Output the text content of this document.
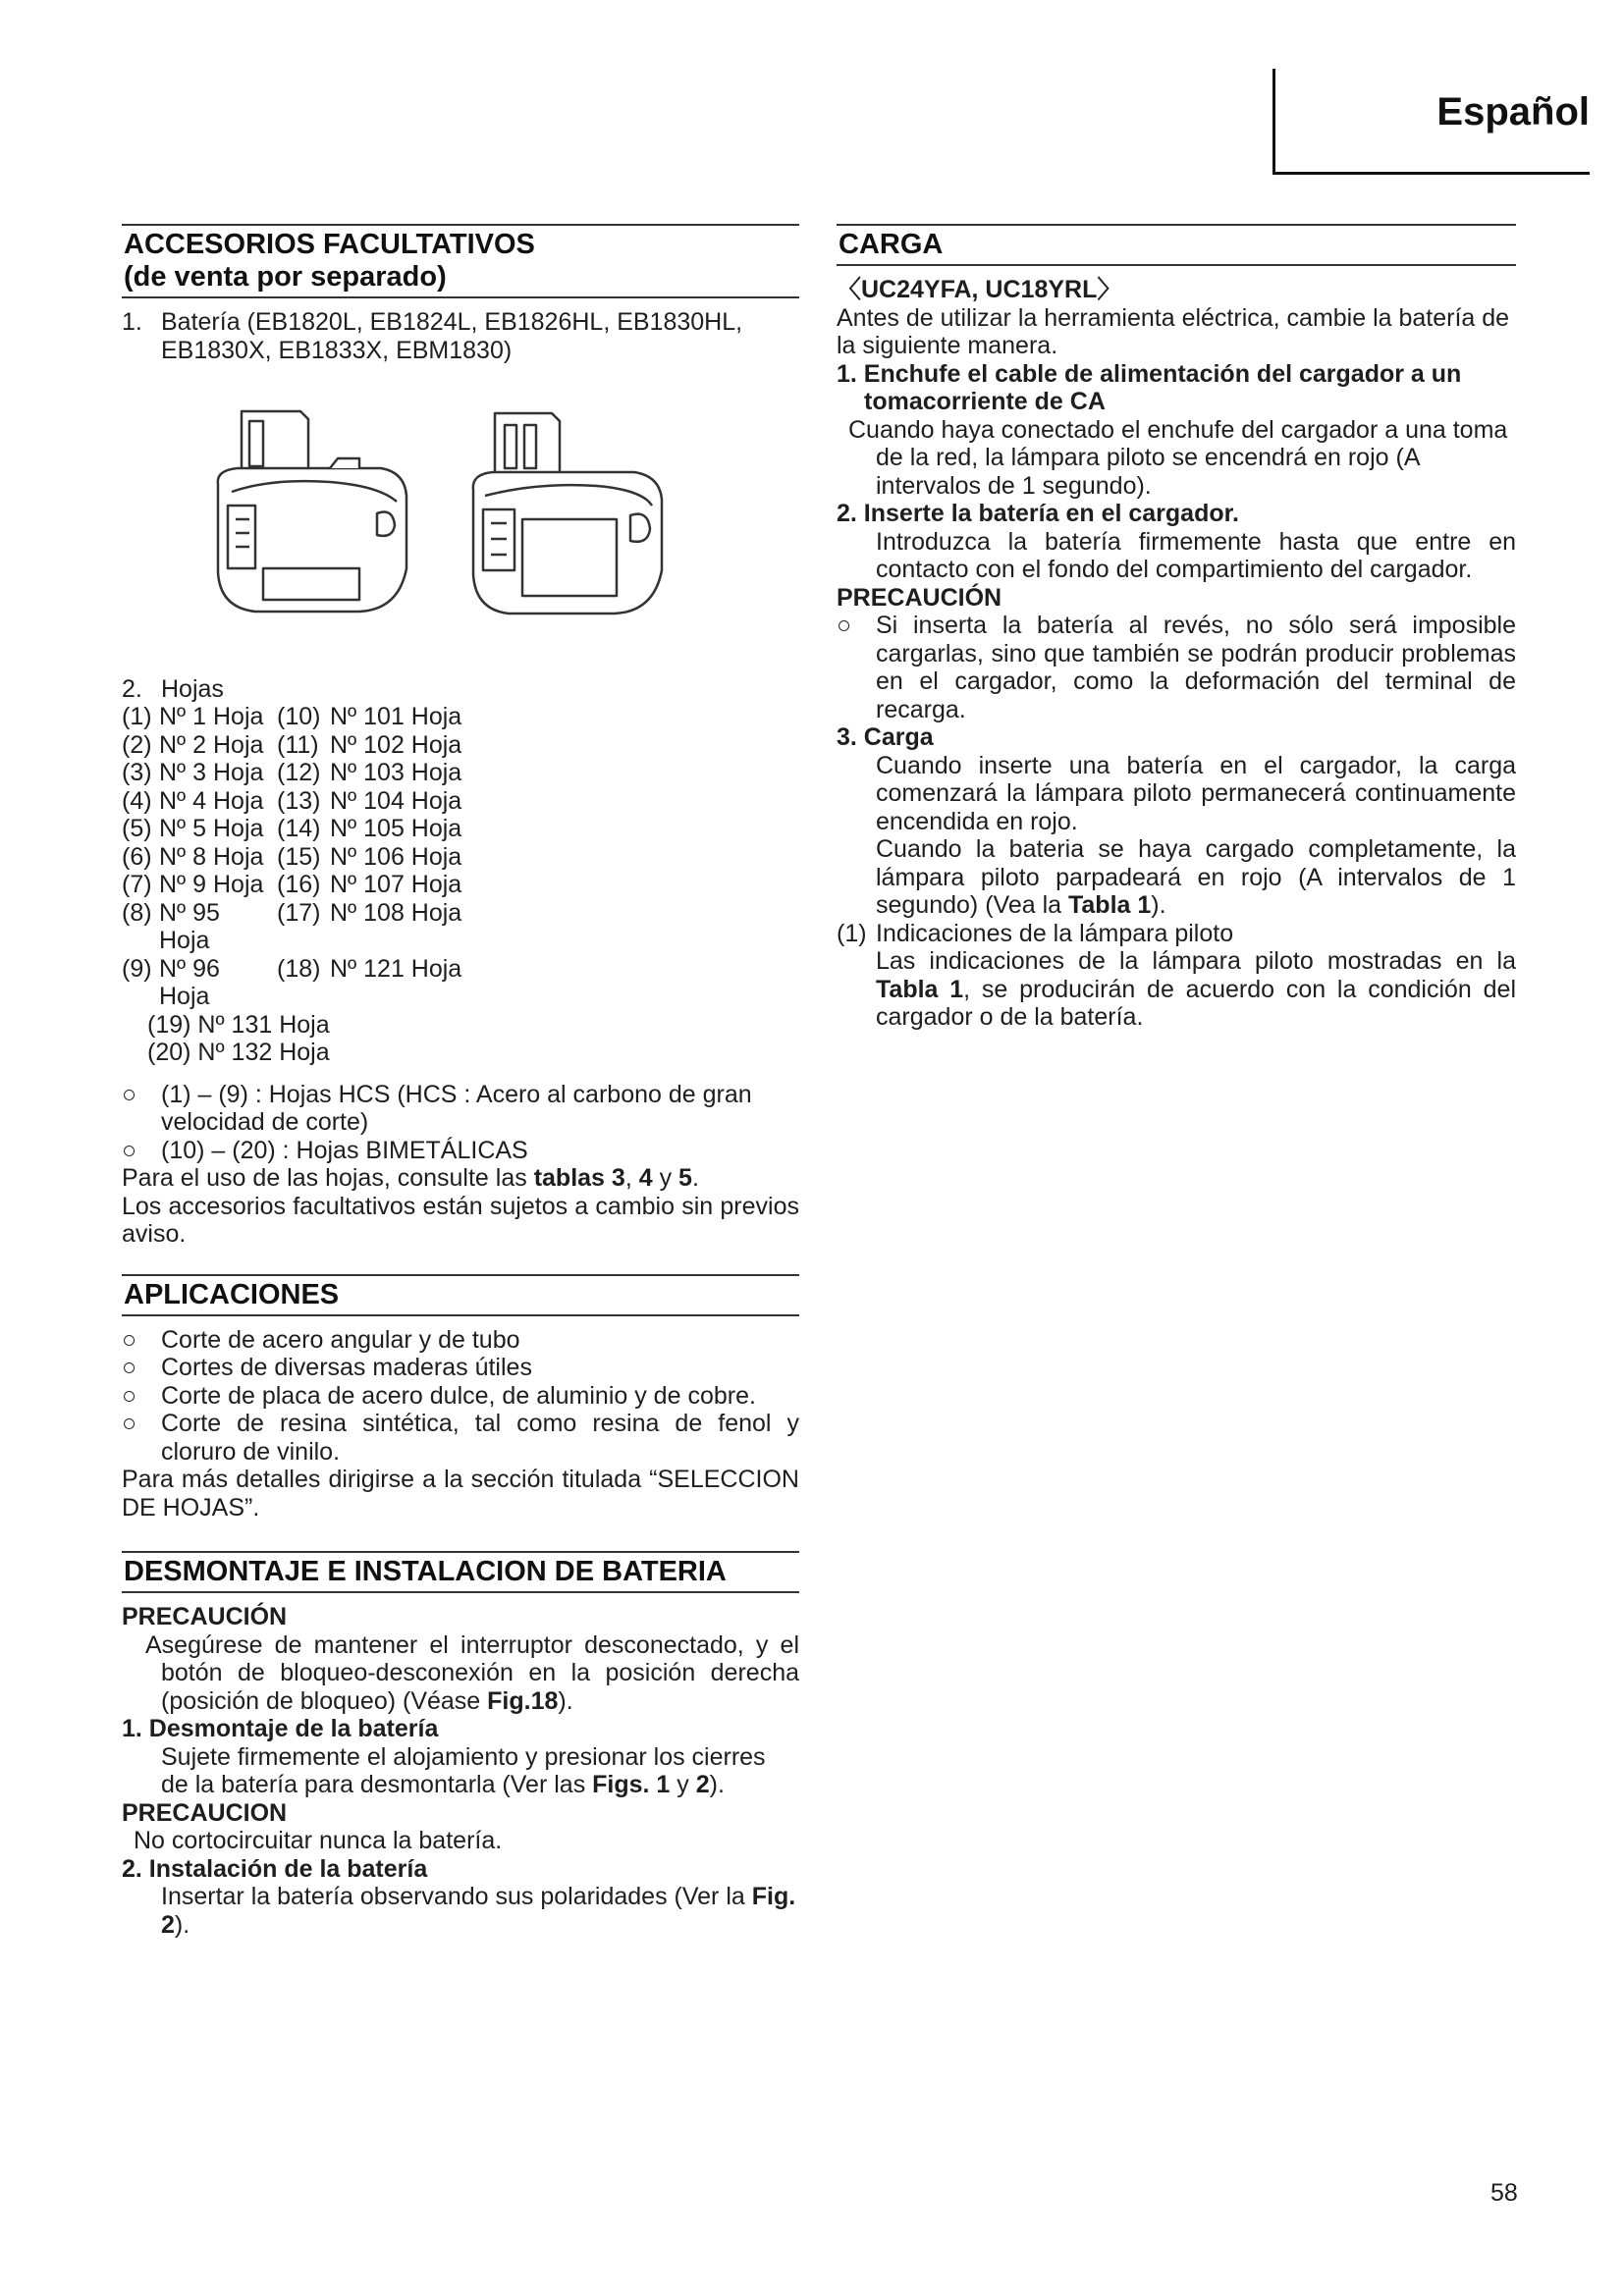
Español
ACCESORIOS FACULTATIVOS
(de venta por separado)
1. Batería (EB1820L, EB1824L, EB1826HL, EB1830HL, EB1830X, EB1833X, EBM1830)
2. Hojas
(1) Nº 1 Hoja (10) Nº 101 Hoja
(2) Nº 2 Hoja (11) Nº 102 Hoja
(3) Nº 3 Hoja (12) Nº 103 Hoja
(4) Nº 4 Hoja (13) Nº 104 Hoja
(5) Nº 5 Hoja (14) Nº 105 Hoja
(6) Nº 8 Hoja (15) Nº 106 Hoja
(7) Nº 9 Hoja (16) Nº 107 Hoja
(8) Nº 95 Hoja
(17) Nº 108 Hoja
(9) Nº 96 Hoja
(18) Nº 121 Hoja
(19) Nº 131 Hoja
(20) Nº 132 Hoja
○ (1) – (9) : Hojas HCS (HCS : Acero al carbono de gran velocidad de corte)
○ (10) – (20) : Hojas BIMETÁLICAS

Para el uso de las hojas, consulte las tablas 3, 4 y 5.

Los accesorios facultativos están sujetos a cambio sin previos aviso.

APLICACIONES
○ Corte de acero angular y de tubo
○ Cortes de diversas maderas útiles
○ Corte de placa de acero dulce, de aluminio y de cobre.
○ Corte de resina sintética, tal como resina de fenol y cloruro de vinilo.

Para más detalles dirigirse a la sección titulada “SELECCION DE HOJAS”.

DESMONTAJE E INSTALACION DE BATERIA
PRECAUCIÓN

Asegúrese de mantener el interruptor desconectado, y el botón de bloqueo-desconexión en la posición derecha (posición de bloqueo) (Véase Fig.18).

1. Desmontaje de la batería

Sujete firmemente el alojamiento y presionar los cierres de la batería para desmontarla (Ver las Figs. 1 y 2).

PRECAUCION

No cortocircuitar nunca la batería.

2. Instalación de la batería

Insertar la batería observando sus polaridades (Ver la Fig. 2).

CARGA
〈UC24YFA, UC18YRL〉

Antes de utilizar la herramienta eléctrica, cambie la batería de la siguiente manera.

1. Enchufe el cable de alimentación del cargador a un tomacorriente de CA

Cuando haya conectado el enchufe del cargador a una toma de la red, la lámpara piloto se encendrá en rojo (A intervalos de 1 segundo).

2. Inserte la batería en el cargador.

Introduzca la batería firmemente hasta que entre en contacto con el fondo del compartimiento del cargador.

PRECAUCIÓN
○ Si inserta la batería al revés, no sólo será imposible cargarlas, sino que también se podrán producir problemas en el cargador, como la deformación del terminal de recarga.
3. Carga

Cuando inserte una batería en el cargador, la carga comenzará la lámpara piloto permanecerá continuamente encendida en rojo.

Cuando la bateria se haya cargado completamente, la lámpara piloto parpadeará en rojo (A intervalos de 1 segundo) (Vea la Tabla 1).

(1) Indicaciones de la lámpara piloto

Las indicaciones de la lámpara piloto mostradas en la Tabla 1, se producirán de acuerdo con la condición del cargador o de la batería.

58
